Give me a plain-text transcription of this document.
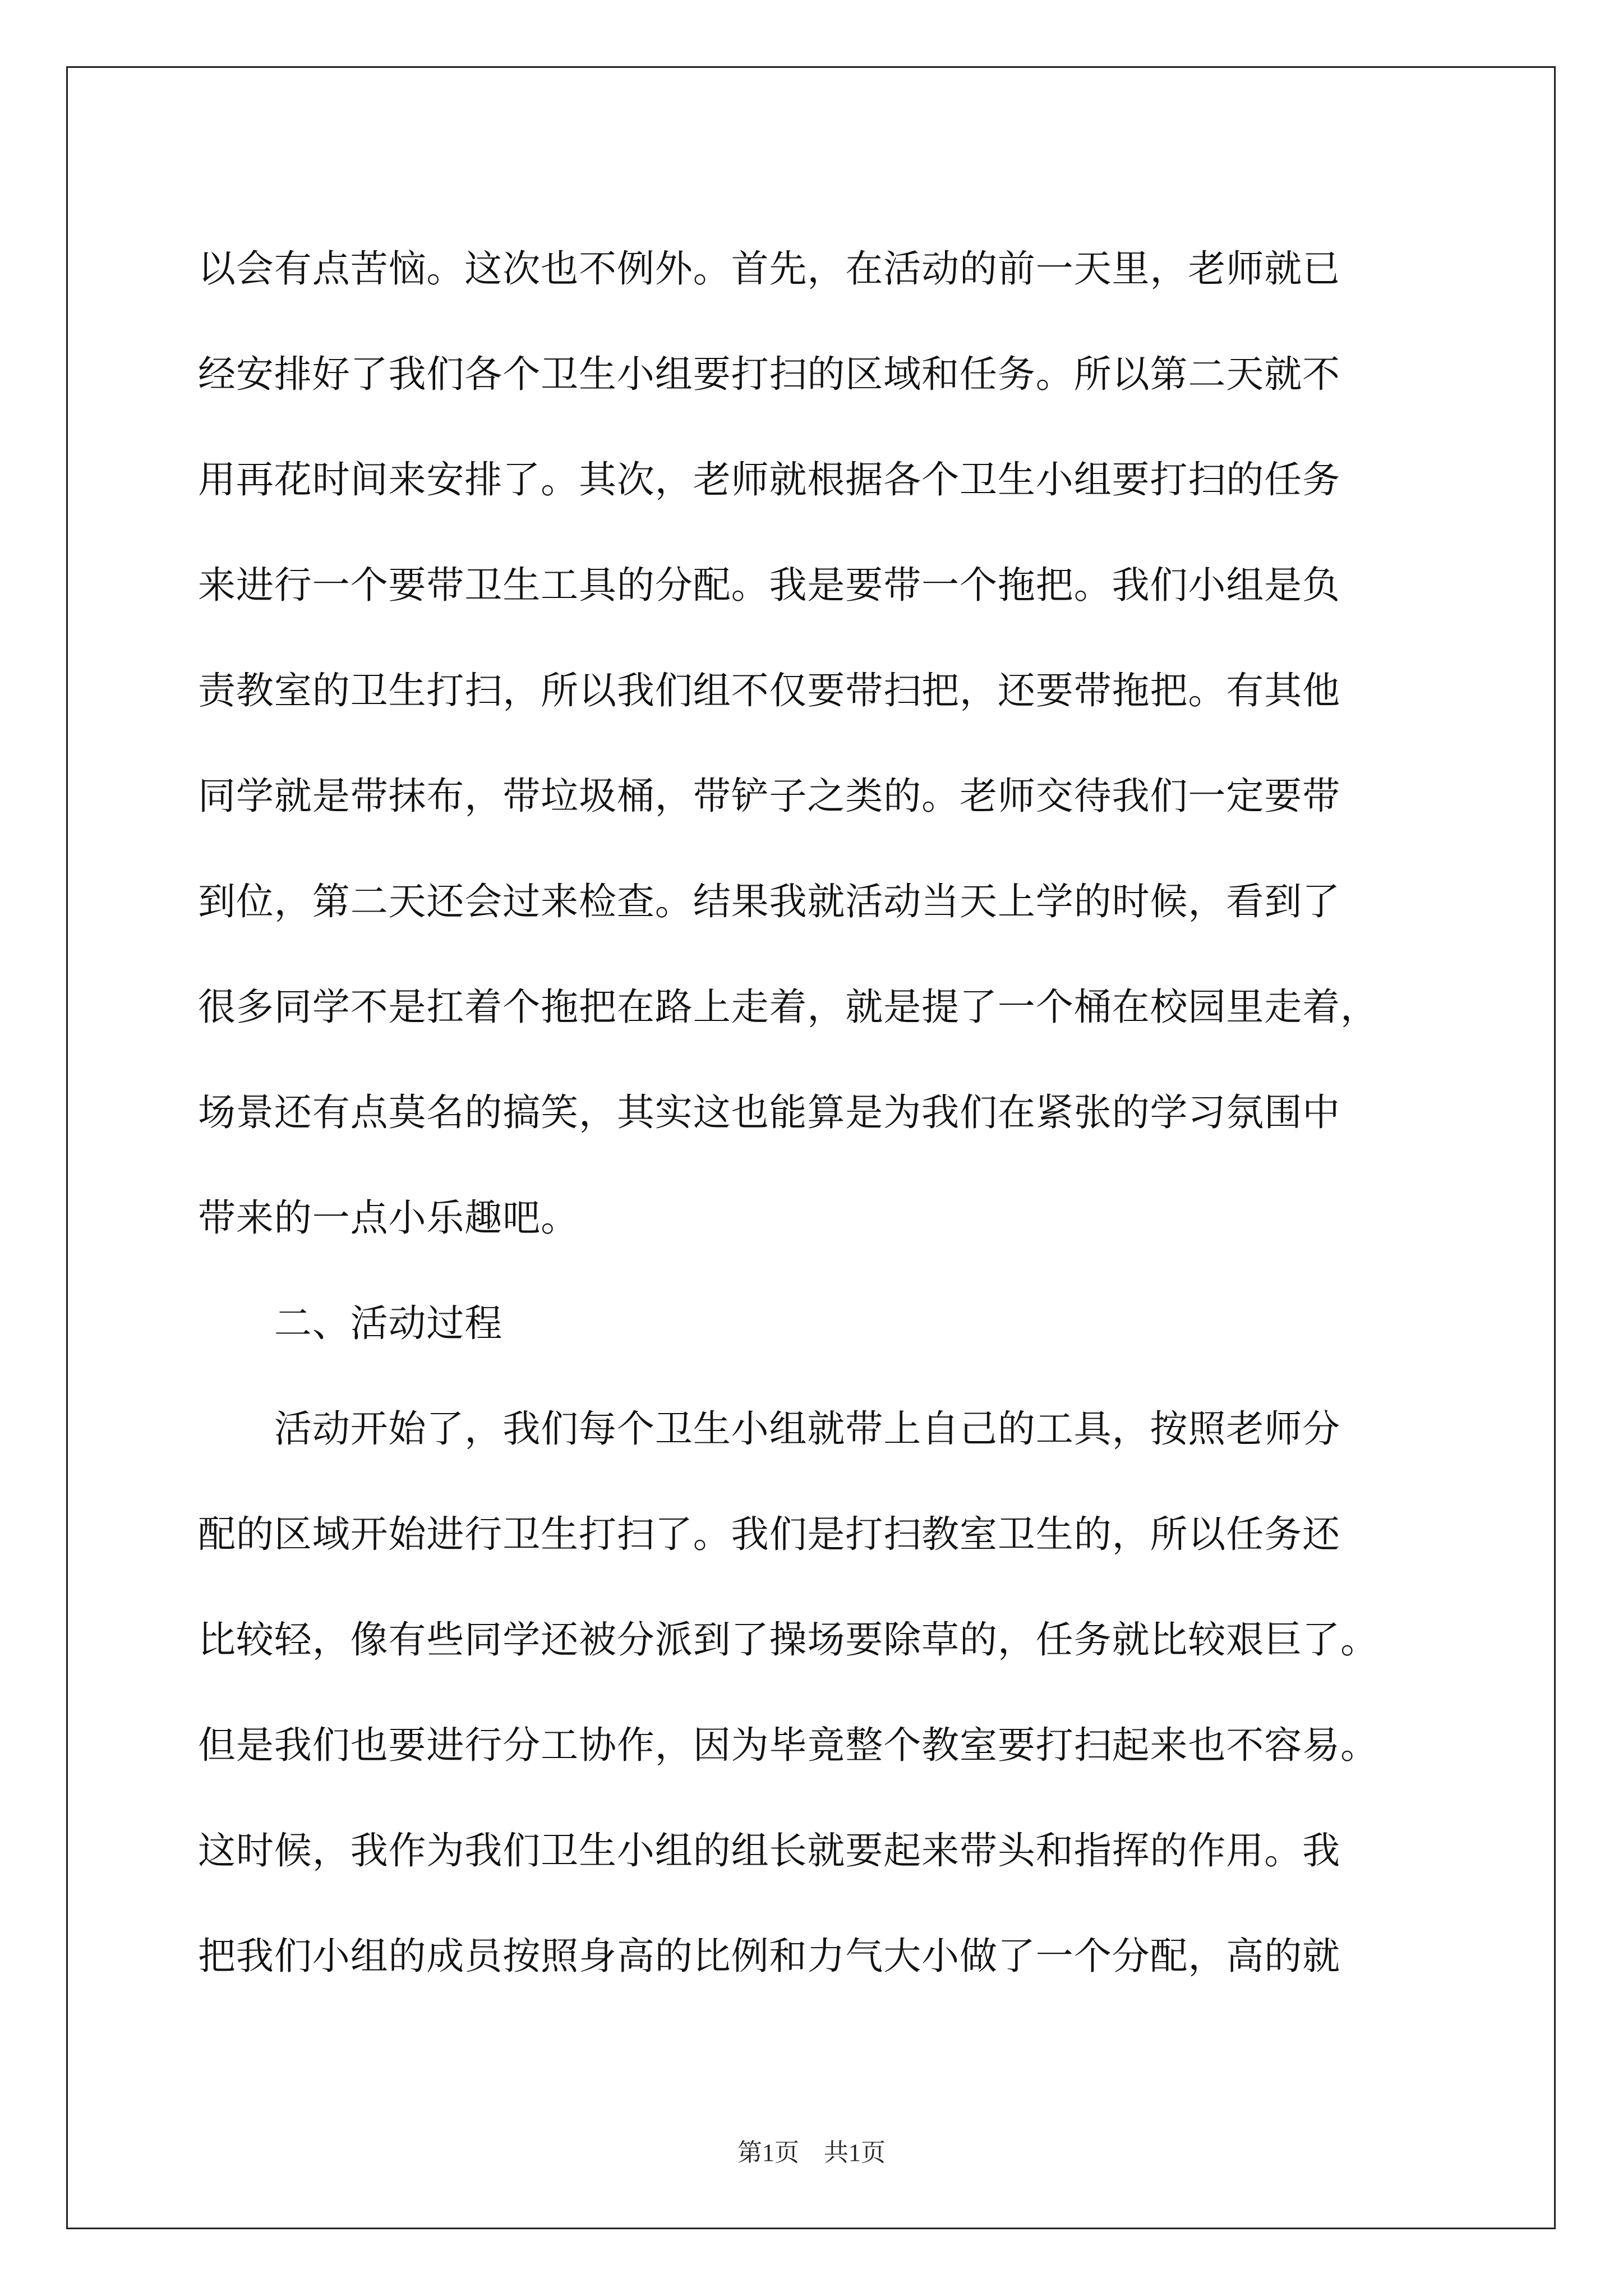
以会有点苦恼。这次也不例外。首先，在活动的前一天里，老师就已
经安排好了我们各个卫生小组要打扫的区域和任务。所以第二天就不
用再花时间来安排了。其次，老师就根据各个卫生小组要打扫的任务
来进行一个要带卫生工具的分配。我是要带一个拖把。我们小组是负
责教室的卫生打扫，所以我们组不仅要带扫把，还要带拖把。有其他
同学就是带抹布，带垃圾桶，带铲子之类的。老师交待我们一定要带
到位，第二天还会过来检查。结果我就活动当天上学的时候，看到了
很多同学不是扛着个拖把在路上走着，就是提了一个桶在校园里走着，
场景还有点莫名的搞笑，其实这也能算是为我们在紧张的学习氛围中
带来的一点小乐趣吧。
　　二、活动过程
　　活动开始了，我们每个卫生小组就带上自己的工具，按照老师分
配的区域开始进行卫生打扫了。我们是打扫教室卫生的，所以任务还
比较轻，像有些同学还被分派到了操场要除草的，任务就比较艰巨了。
但是我们也要进行分工协作，因为毕竟整个教室要打扫起来也不容易。
这时候，我作为我们卫生小组的组长就要起来带头和指挥的作用。我
把我们小组的成员按照身高的比例和力气大小做了一个分配，高的就
第1页　共1页
